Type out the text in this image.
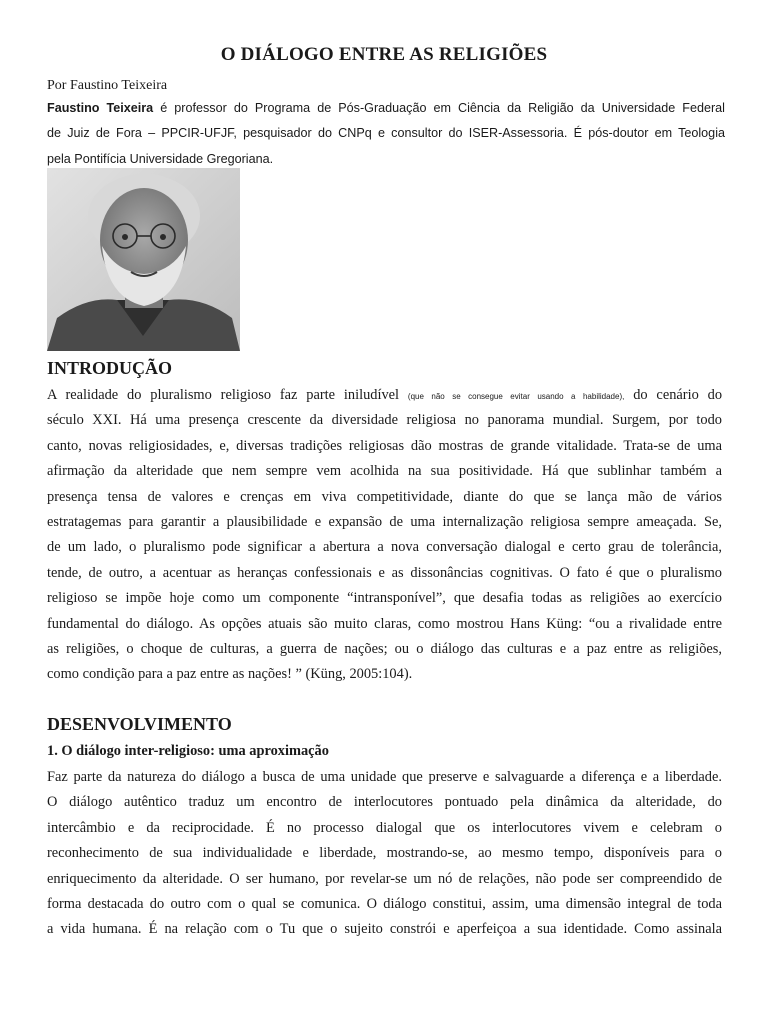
O DIÁLOGO ENTRE AS RELIGIÕES
Por Faustino Teixeira
Faustino Teixeira é professor do Programa de Pós-Graduação em Ciência da Religião da Universidade Federal
de Juiz de Fora – PPCIR-UFJF, pesquisador do CNPq e consultor do ISER-Assessoria. É pós-doutor em Teologia
pela Pontifícia Universidade Gregoriana.
INTRODUÇÃO
A realidade do pluralismo religioso faz parte iniludível (que não se consegue evitar usando a habilidade), do cenário do
século XXI. Há uma presença crescente da diversidade religiosa no panorama mundial. Surgem, por todo
canto, novas religiosidades, e, diversas tradições religiosas dão mostras de grande vitalidade. Trata-se de uma
afirmação da alteridade que nem sempre vem acolhida na sua positividade. Há que sublinhar também a
presença tensa de valores e crenças em viva competitividade, diante do que se lança mão de vários
estratagemas para garantir a plausibilidade e expansão de uma internalização religiosa sempre ameaçada. Se,
de um lado, o pluralismo pode significar a abertura a nova conversação dialogal e certo grau de tolerância,
tende, de outro, a acentuar as heranças confessionais e as dissonâncias cognitivas. O fato é que o pluralismo
religioso se impõe hoje como um componente “intransponível”, que desafia todas as religiões ao exercício
fundamental do diálogo. As opções atuais são muito claras, como mostrou Hans Küng: “ou a rivalidade entre
as religiões, o choque de culturas, a guerra de nações; ou o diálogo das culturas e a paz entre as religiões,
como condição para a paz entre as nações! ” (Küng, 2005:104).
DESENVOLVIMENTO
1. O diálogo inter-religioso: uma aproximação
Faz parte da natureza do diálogo a busca de uma unidade que preserve e salvaguarde a diferença e a liberdade.
O diálogo autêntico traduz um encontro de interlocutores pontuado pela dinâmica da alteridade, do
intercâmbio e da reciprocidade. É no processo dialogal que os interlocutores vivem e celebram o
reconhecimento de sua individualidade e liberdade, mostrando-se, ao mesmo tempo, disponíveis para o
enriquecimento da alteridade. O ser humano, por revelar-se um nó de relações, não pode ser compreendido de
forma destacada do outro com o qual se comunica. O diálogo constitui, assim, uma dimensão integral de toda
a vida humana. É na relação com o Tu que o sujeito constrói e aperfeiçoa a sua identidade. Como assinala
